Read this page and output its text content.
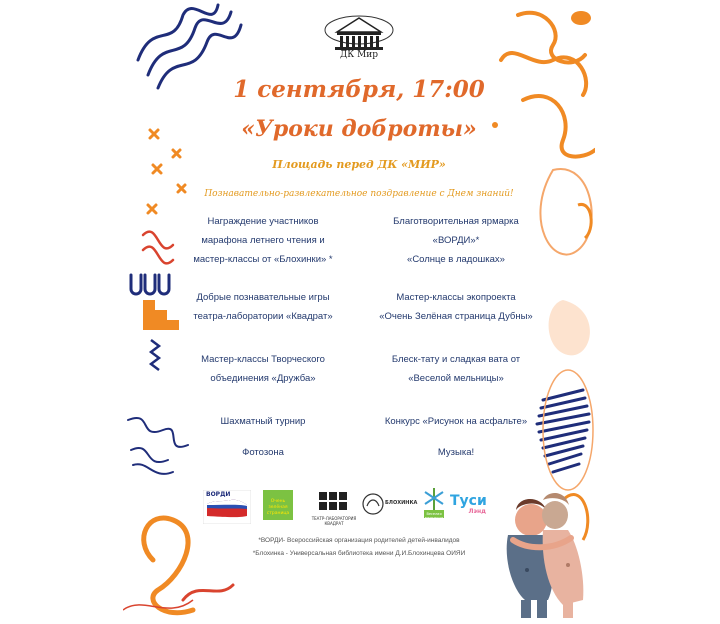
ДК Мир
1 сентября, 17:00
«Уроки доброты»
Площадь перед ДК «МИР»
Познавательно-развлекательное поздравление с Днем знаний!
Награждение участников
марафона летнего чтения и
мастер-классы от «Блохинки» *
Благотворительная ярмарка
«ВОРДИ»*
«Солнце в ладошках»
Добрые познавательные игры
театра-лаборатории «Квадрат»
Мастер-классы экопроекта
«Очень Зелёная страница Дубны»
Мастер-классы Творческого
объединения «Дружба»
Блеск-тату и сладкая вата от
«Веселой мельницы»
Шахматный турнир	Конкурс «Рисунок на асфальте»
Фотозона	Музыка!
ВОРДИ
Очень зелёная страница
ТЕАТР-ЛАБОРАТОРИЯ КВАДРАТ
БЛОХИНКА
Веселая мельница
Туси
Лэнд
*ВОРДИ- Всероссийская организация родителей детей-инвалидов
*Блохинка - Универсальная библиотека имени Д.И.Блохинцева ОИЯИ
